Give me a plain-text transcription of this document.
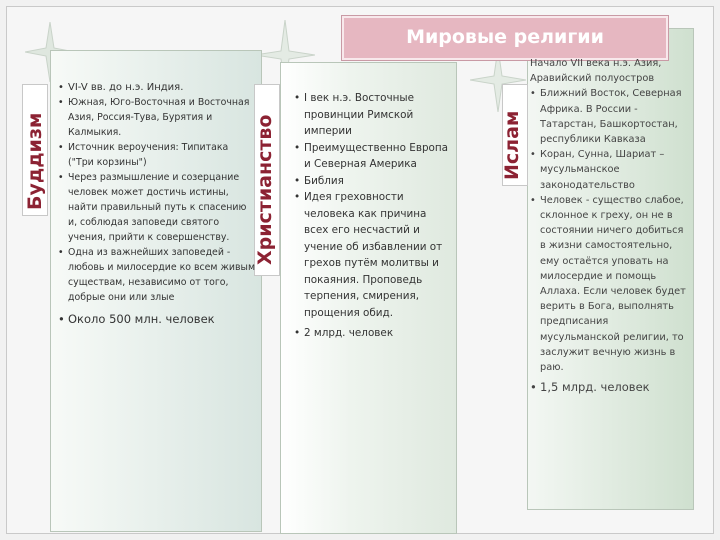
Буддизм	Христианство	Ислам
Мировые религии
• VI-V вв. до н.э. Индия.
• Южная, Юго-Восточная и Восточная Азия, Россия-Тува, Бурятия и Калмыкия.
• Источник вероучения: Типитака ("Три корзины")
• Через размышление и созерцание человек может достичь истины, найти правильный путь к спасению и, соблюдая заповеди святого учения, прийти к совершенству.
• Одна из важнейших заповедей - любовь и милосердие ко всем живым существам, независимо от того, добрые они или злые
• Около 500 млн. человек
• I век н.э. Восточные провинции Римской империи
• Преимущественно Европа и Северная Америка
• Библия
• Идея греховности человека как причина всех его несчастий и учение об избавлении от грехов путём молитвы и покаяния. Проповедь терпения, смирения, прощения обид.
• 2 млрд. человек
Начало VII века н.э. Азия, Аравийский полуостров
• Ближний Восток, Северная Африка. В России - Татарстан, Башкортостан, республики Кавказа
• Коран, Сунна, Шариат – мусульманское законодательство
• Человек - существо слабое, склонное к греху, он не в состоянии ничего добиться в жизни самостоятельно, ему остаётся уповать на милосердие и помощь Аллаха. Если человек будет верить в Бога, выполнять предписания мусульманской религии, то заслужит вечную жизнь в раю.
• 1,5 млрд. человек
